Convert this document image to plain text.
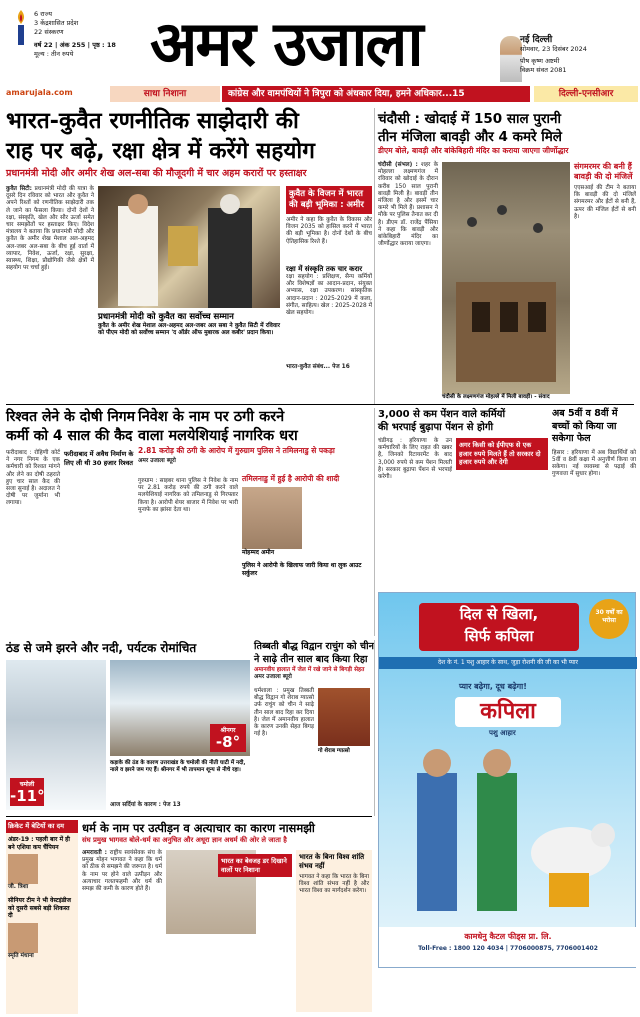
6 राज्य
3 केंद्रशासित प्रदेश
22 संस्करण
वर्ष 22 | अंक 255 | पृष्ठ : 18
मूल्य : तीन रुपये	अमर उजाला	नई दिल्ली
सोमवार, 23 दिसंबर 2024
पौष कृष्ण अष्टमी
विक्रम संवत 2081
amarujala.com	साधा निशाना	कांग्रेस और वामपंथियों ने त्रिपुरा को अंधकार दिया, हमने अधिकार...15	दिल्ली-एनसीआर
भारत-कुवैत रणनीतिक साझेदारी की
राह पर बढ़े, रक्षा क्षेत्र में करेंगे सहयोग
प्रधानमंत्री मोदी और अमीर शेख अल-सबा की मौजूदगी में चार अहम करारों पर हस्ताक्षर
कुवैत सिटी: प्रधानमंत्री मोदी की यात्रा के दूसरे दिन रविवार को भारत और कुवैत ने अपने रिश्तों को रणनीतिक साझेदारी तक ले जाने का फैसला किया। दोनों देशों ने रक्षा, संस्कृति, खेल और सौर ऊर्जा समेत चार समझौतों पर हस्ताक्षर किए। विदेश मंत्रालय ने बताया कि प्रधानमंत्री मोदी और कुवैत के अमीर शेख मेशाल अल-अहमद अल-जबर अल-सबा के बीच हुई वार्ता में व्यापार, निवेश, ऊर्जा, रक्षा, सुरक्षा, स्वास्थ्य, शिक्षा, प्रौद्योगिकी जैसे क्षेत्रों में सहयोग पर चर्चा हुई।
प्रधानमंत्री मोदी को कुवैत का सर्वोच्च सम्मान
कुवैत के अमीर शेख मेशाल अल-अहमद अल-जबर अल सबा ने कुवैत सिटी में रविवार को पीएम मोदी को सर्वोच्च सम्मान 'द ऑर्डर ऑफ मुबारक अल कबीर' प्रदान किया।
कुवैत के विजन में भारत की बड़ी भूमिका : अमीर
अमीर ने कहा कि कुवैत के विकास और विजन 2035 को हासिल करने में भारत की बड़ी भूमिका है। दोनों देशों के बीच ऐतिहासिक रिश्ते हैं।
रक्षा में संस्कृति तक चार करार
रक्षा सहयोग : प्रशिक्षण, सैन्य कर्मियों और विशेषज्ञों का आदान-प्रदान, संयुक्त अभ्यास, रक्षा उपकरण। सांस्कृतिक आदान-प्रदान : 2025-2029 में कला, संगीत, साहित्य। खेल : 2025-2028 में खेल सहयोग।
भारत-कुवैत संबंध... पेज 16
चंदौसी : खोदाई में 150 साल पुरानी
तीन मंजिला बावड़ी और 4 कमरे मिले
डीएम बोले, बावड़ी और बांकेबिहारी मंदिर का कराया जाएगा जीर्णोद्धार
चंदौसी (संभल) : शहर के मोहल्ला लक्ष्मणगंज में रविवार को खोदाई के दौरान करीब 150 साल पुरानी बावड़ी मिली है। बावड़ी तीन मंजिला है और इसमें चार कमरे भी मिले हैं। प्रशासन ने मौके पर पुलिस तैनात कर दी है। डीएम डॉ. राजेंद्र पैंसिया ने कहा कि बावड़ी और बांकेबिहारी मंदिर का जीर्णोद्धार कराया जाएगा।
चंदौसी के लक्ष्मणगंज मोहल्ले में मिली बावड़ी। - संवाद
संगमरमर की बनी हैं बावड़ी की दो मंजिलें
एएसआई की टीम ने बताया कि बावड़ी की दो मंजिलें संगमरमर और ईंटों से बनी हैं, ऊपर की मंजिल ईंटों से बनी है।
रिश्वत लेने के दोषी निगम
कर्मी को 4 साल की कैद
फरीदाबाद में अवैध निर्माण के लिए ली थी 30 हजार रिश्वत
फरीदाबाद : रोहिणी कोर्ट ने नगर निगम के एक कर्मचारी को रिश्वत मांगने और लेने का दोषी ठहराते हुए चार साल कैद की सजा सुनाई है। अदालत ने दोषी पर जुर्माना भी लगाया।
निवेश के नाम पर ठगी करने
वाला मलयेशियाई नागरिक धरा
2.81 करोड़ की ठगी के आरोप में गुरुग्राम पुलिस ने तमिलनाडु से पकड़ा
अमर उजाला ब्यूरो
गुरुग्राम : साइबर थाना पुलिस ने निवेश के नाम पर 2.81 करोड़ रुपये की ठगी करने वाले मलयेशियाई नागरिक को तमिलनाडु से गिरफ्तार किया है। आरोपी शेयर बाजार में निवेश पर भारी मुनाफे का झांसा देता था।
तमिलनाडु में हुई है आरोपी की शादी
मोहम्मद अमीन
पुलिस ने आरोपी के खिलाफ जारी किया था लुक आउट सर्कुलर
3,000 से कम पेंशन वाले कर्मियों
की भरपाई बुढ़ापा पेंशन से होगी
अगर किसी को ईपीएफ से एक हजार रुपये मिलते हैं तो सरकार दो हजार रुपये और देगी
चंडीगढ़ : हरियाणा के उन कर्मचारियों के लिए राहत की खबर है, जिनको रिटायरमेंट के बाद 3,000 रुपये से कम पेंशन मिलती है। सरकार बुढ़ापा पेंशन से भरपाई करेगी।
अब 5वीं व 8वीं में बच्चों को किया जा सकेगा फेल
हिसार : हरियाणा में अब विद्यार्थियों को 5वीं व 8वीं कक्षा में अनुत्तीर्ण किया जा सकेगा। नई व्यवस्था से पढ़ाई की गुणवत्ता में सुधार होगा।
ठंड से जमे झरने और नदी, पर्यटक रोमांचित
चमोली
-11°
श्रीनगर
-8°
कड़ाके की ठंड के कारण उत्तराखंड के चमोली की नीती घाटी में नदी, नाले व झरने जम गए हैं। श्रीनगर में भी तापमान शून्य से नीचे रहा।
आज सर्दियां के कारण : पेज 13
तिब्बती बौद्ध विद्वान राचुंग को चीन
ने साढ़े तीन साल बाद किया रिहा
अमानवीय हालात में जेल में रखे जाने से बिगड़ी सेहत
अमर उजाला ब्यूरो
धर्मशाला : प्रमुख तिब्बती बौद्ध विद्वान गो शेराब ग्यात्सो उर्फ राचुंग को चीन ने साढ़े तीन साल बाद रिहा कर दिया है। जेल में अमानवीय हालात के कारण उनकी सेहत बिगड़ गई है।
गो शेराब ग्यात्सो
दिल से खिला,
सिर्फ कपिला
30 वर्षों का भरोसा
देश के नं. 1 पशु आहार के साथ, जुड़ा रोशनी की जी का भी प्यार
प्यार बढ़ेगा, दूध बढ़ेगा!
कपिला
पशु आहार
कामधेनु कैटल फीड्स प्रा. लि.
Toll-Free : 1800 120 4034 | 7706000875, 7706001402
क्रिकेट में बेटियों का दम
अंडर-19 : पहली बार में ही बने एशिया कप चैंपियन
जी. त्रिशा
सीनियर टीम ने भी वेस्टइंडीज को दूसरी सबसे बड़ी शिकस्त दी
स्मृति मंधाना
धर्म के नाम पर उत्पीड़न व अत्याचार का कारण नासमझी
संघ प्रमुख भागवत बोले-धर्म का अनुचित और अधूरा ज्ञान अधर्म की ओर ले जाता है
अमरावती : राष्ट्रीय स्वयंसेवक संघ के प्रमुख मोहन भागवत ने कहा कि धर्म को ठीक से समझने की जरूरत है। धर्म के नाम पर होने वाले उत्पीड़न और अत्याचार गलतफहमी और धर्म की समझ की कमी के कारण होते हैं।
भारत का बेवजह डर दिखाने वालों पर निशाना
भारत के बिना विश्व शांति संभव नहीं
भागवत ने कहा कि भारत के बिना विश्व शांति संभव नहीं है और भारत विश्व का मार्गदर्शन करेगा।
